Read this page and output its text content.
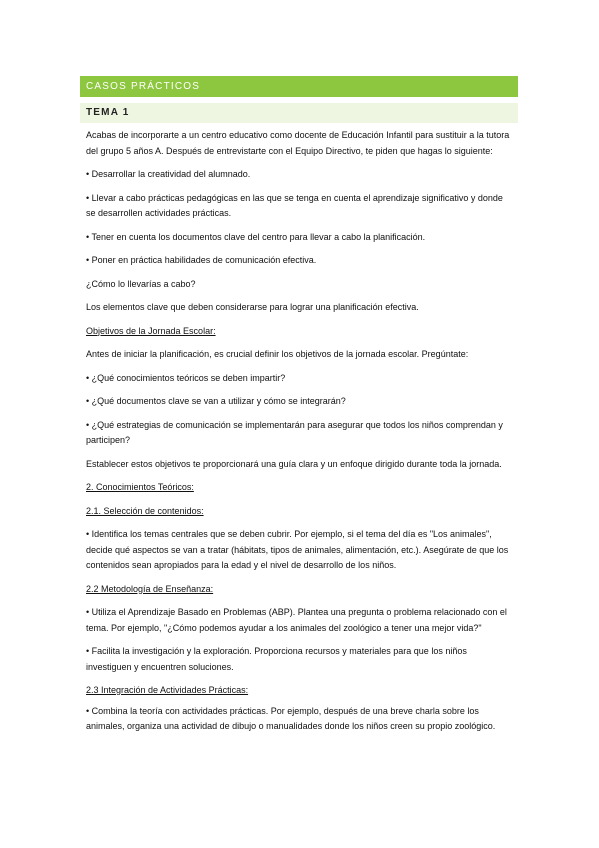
CASOS PRÁCTICOS
TEMA 1

Acabas de incorporarte a un centro educativo como docente de Educación Infantil para sustituir a la tutora del grupo 5 años A. Después de entrevistarte con el Equipo Directivo, te piden que hagas lo siguiente:

• Desarrollar la creatividad del alumnado.

• Llevar a cabo prácticas pedagógicas en las que se tenga en cuenta el aprendizaje significativo y donde se desarrollen actividades prácticas.

• Tener en cuenta los documentos clave del centro para llevar a cabo la planificación.

• Poner en práctica habilidades de comunicación efectiva.

¿Cómo lo llevarías a cabo?

Los elementos clave que deben considerarse para lograr una planificación efectiva.

Objetivos de la Jornada Escolar:

Antes de iniciar la planificación, es crucial definir los objetivos de la jornada escolar. Pregúntate:

• ¿Qué conocimientos teóricos se deben impartir?

• ¿Qué documentos clave se van a utilizar y cómo se integrarán?

• ¿Qué estrategias de comunicación se implementarán para asegurar que todos los niños comprendan y participen?

Establecer estos objetivos te proporcionará una guía clara y un enfoque dirigido durante toda la jornada.

2. Conocimientos Teóricos:

2.1. Selección de contenidos:

• Identifica los temas centrales que se deben cubrir. Por ejemplo, si el tema del día es "Los animales", decide qué aspectos se van a tratar (hábitats, tipos de animales, alimentación, etc.). Asegúrate de que los contenidos sean apropiados para la edad y el nivel de desarrollo de los niños.

2.2 Metodología de Enseñanza:

• Utiliza el Aprendizaje Basado en Problemas (ABP). Plantea una pregunta o problema relacionado con el tema. Por ejemplo, "¿Cómo podemos ayudar a los animales del zoológico a tener una mejor vida?"

• Facilita la investigación y la exploración. Proporciona recursos y materiales para que los niños investiguen y encuentren soluciones.

2.3 Integración de Actividades Prácticas:

• Combina la teoría con actividades prácticas. Por ejemplo, después de una breve charla sobre los animales, organiza una actividad de dibujo o manualidades donde los niños creen su propio zoológico.
